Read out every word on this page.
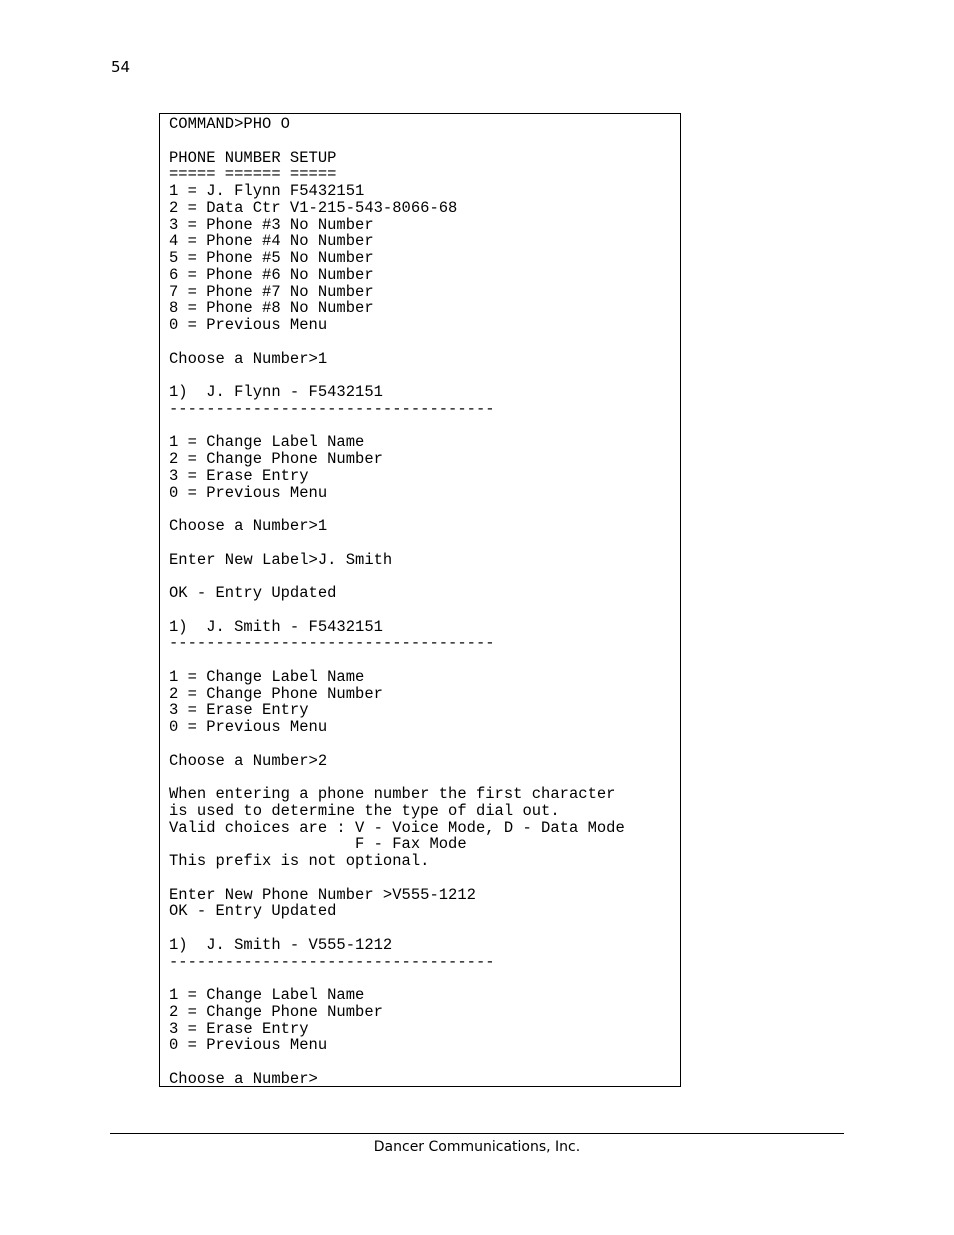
54
COMMAND>PHO O

PHONE NUMBER SETUP
===== ====== =====
1 = J. Flynn F5432151
2 = Data Ctr V1-215-543-8066-68
3 = Phone #3 No Number
4 = Phone #4 No Number
5 = Phone #5 No Number
6 = Phone #6 No Number
7 = Phone #7 No Number
8 = Phone #8 No Number
0 = Previous Menu

Choose a Number>1

1)  J. Flynn - F5432151
-----------------------------------

1 = Change Label Name
2 = Change Phone Number
3 = Erase Entry
0 = Previous Menu

Choose a Number>1

Enter New Label>J. Smith

OK - Entry Updated

1)  J. Smith - F5432151
-----------------------------------

1 = Change Label Name
2 = Change Phone Number
3 = Erase Entry
0 = Previous Menu

Choose a Number>2

When entering a phone number the first character
is used to determine the type of dial out.
Valid choices are : V - Voice Mode, D - Data Mode
F - Fax Mode
This prefix is not optional.

Enter New Phone Number >V555-1212
OK - Entry Updated

1)  J. Smith - V555-1212
-----------------------------------

1 = Change Label Name
2 = Change Phone Number
3 = Erase Entry
0 = Previous Menu

Choose a Number>
Dancer Communications, Inc.
